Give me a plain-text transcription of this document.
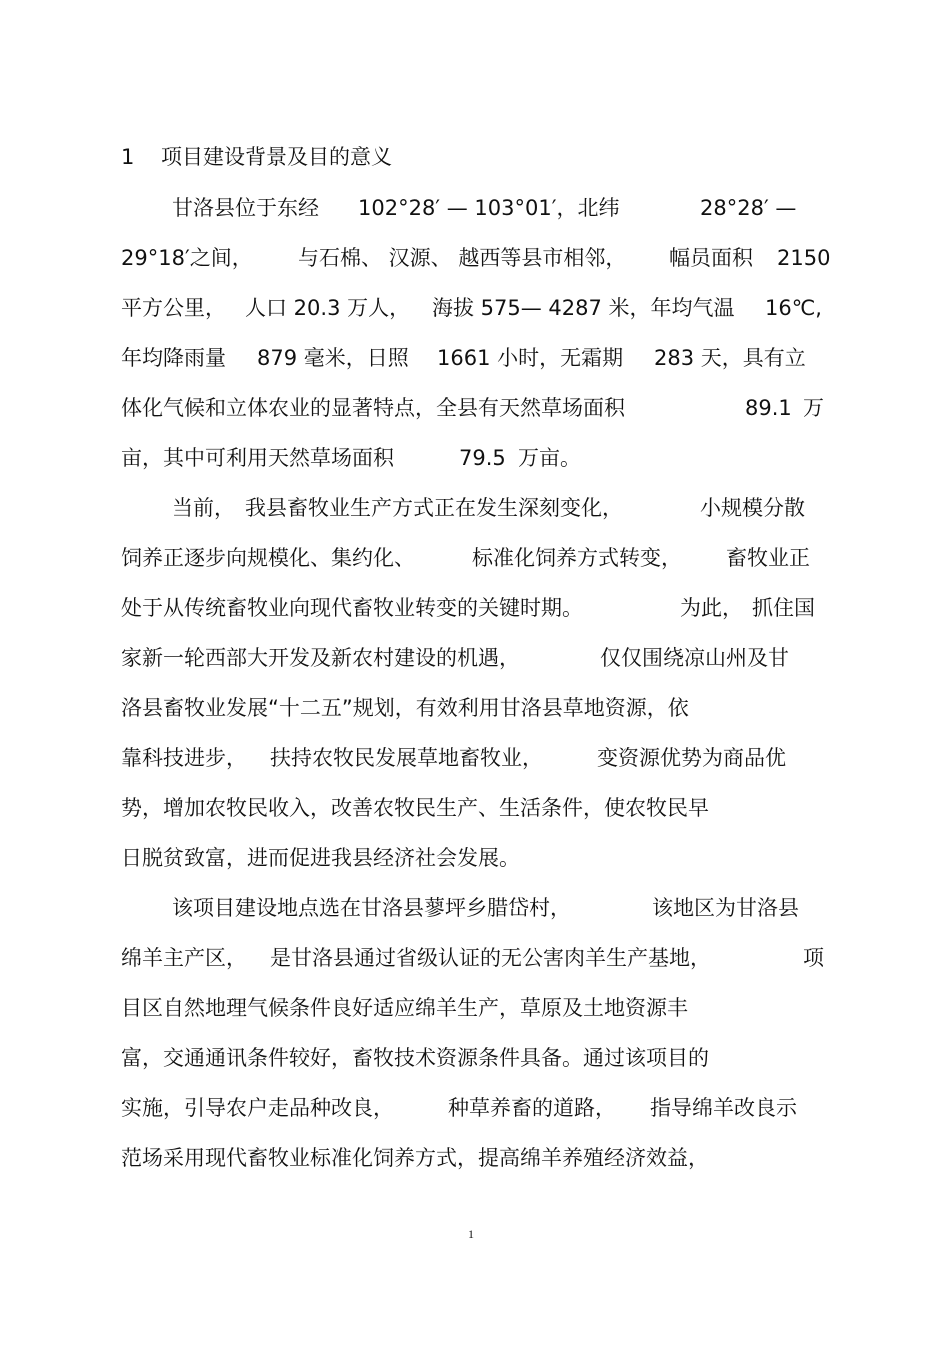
1

项目建设背景及目的意义

甘洛县位于东经

102°28′ — 103°01′，北纬

	28°28′ —

29°18′之间，

与石棉、 汉源、 越西等县市相邻，

幅员面积

2150

平方公里，

人口 20.3 万人，

海拔 575— 4287 米，年均气温

16℃,

年均降雨量

879 毫米，日照

1661 小时，无霜期

283 天，具有立

体化气候和立体农业的显著特点，全县有天然草场面积

	89.1

万

亩，其中可利用天然草场面积

	79.5

万亩。

当前，

我县畜牧业生产方式正在发生深刻变化，

	小规模分散

饲养正逐步向规模化、集约化、

	标准化饲养方式转变，

畜牧业正

处于从传统畜牧业向现代畜牧业转变的关键时期。

	为此，

抓住国

家新一轮西部大开发及新农村建设的机遇，

	仅仅围绕凉山州及甘

洛县畜牧业发展“十二五”规划，有效利用甘洛县草地资源，依

靠科技进步，

扶持农牧民发展草地畜牧业，

	变资源优势为商品优

势，增加农牧民收入，改善农牧民生产、生活条件，使农牧民早

日脱贫致富，进而促进我县经济社会发展。

该项目建设地点选在甘洛县蓼坪乡腊岱村，

	该地区为甘洛县

绵羊主产区，

是甘洛县通过省级认证的无公害肉羊生产基地，

	项

目区自然地理气候条件良好适应绵羊生产，草原及土地资源丰

富，交通通讯条件较好，畜牧技术资源条件具备。通过该项目的

实施，引导农户走品种改良，

	种草养畜的道路，

指导绵羊改良示

范场采用现代畜牧业标准化饲养方式，提高绵羊养殖经济效益，

1
